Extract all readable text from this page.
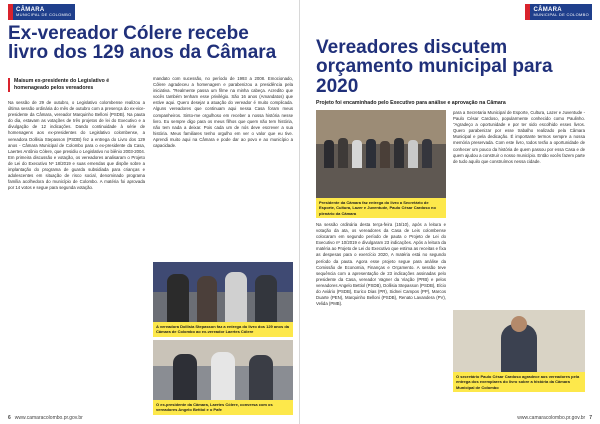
CÂMARA
MUNICIPAL DE COLOMBO
Ex-vereador Cólere recebe livro dos 129 anos da Câmara
Maisum ex-presidente do Legislativo é homenageado pelos vereadores
Na sessão de 29 de outubro, o Legislativo colombense realizou a última sessão ordinária do mês de outubro com a presença do ex-vice-presidente da Câmara, vereador Marquinho Belloni (PSDB). Na pauta do dia, estavam as votações de três projetos de lei do Executivo e a divulgação de 12 indicações. Dando continuidade à série de homenagens aos ex-presidentes do Legislativo colombense, a vereadora Dollisia Stepasson (PSDB) fez a entrega do Livro dos 129 anos - Câmara Municipal de Colombo para o ex-presidente da Casa, Laertes Antônio Cólere, que presidiu o Legislativo no biênio 2003-2004. Em primeira discussão e votação, os vereadores analisaram o Projeto de Lei do Executivo Nº 18/2019 e suas emendas que dispõe sobre a implantação do programa de guarda subsidiada para crianças e adolescentes em situação de risco social, denominado programa família acolhedora do município de Colombo. A matéria foi aprovada por 14 votos e segue para segunda votação.
mandato com sucessão, no período de 1993 a 2008. Emocionado, Cólere agradeceu a homenagem e parabenizou a presidência pela iniciativa. "Realmente passa um filme na minha cabeça. Acredito que vocês também tenham esse privilégio. São 16 anos (Amandatos) que estive aqui. Quero desejar a atuação do vereador é muito complicada. Alguns vereadores que continuam aqui nessa Casa foram meus companheiros. Sinto-me orgulhoso em receber a nossa história nesse livro. Eu sempre digo para os meus filhos que quem não tem história, não tem nada a deixar. Pois cada um de nós deve escrever a sua história. Meus familiares tenho orgulho em ver o valor que eu tive. Aprendi muito aqui na Câmara e pode dar ao povo e ao município a capacidade.
A vereadora Dollisia Stepasson faz a entrega do livro dos 129 anos da Câmara de Colombo ao ex-vereador Laertes Cólere
O ex-presidente da Câmara, Laertes Cólere, conversa com os vereadores Angelo Bettiol e o Pafe
6 www.camaracolombo.pr.gov.br
CÂMARA
MUNICIPAL DE COLOMBO
Vereadores discutem orçamento municipal para 2020
Projeto foi encaminhado pelo Executivo para análise e aprovação na Câmara
Presidente da Câmara faz entrega do livro a Secretário de Esporte, Cultura, Lazer e Juventude, Paulo César Cardoso no plenário da Câmara
Na sessão ordinária desta terça-feira (15/10), após a leitura e votação da ata, os vereadores da Casa de Leis colombense colocaram em segundo período de pauta o Projeto de Lei do Executivo nº 10/2019 e divulgaram 23 indicações. Após a leitura da matéria ao Projeto de Lei do Executivo que estima as receitas e fixa as despesas para o exercício 2020, A matéria está no segundo período da pauta. Agora esse projeto segue para análise da Comissão de Economia, Finanças e Orçamento. A sessão teve sequência com a apresentação de 23 indicações assinadas pelo presidente da Casa, vereador Vagner da Viação (PRB) e pelos vereadores Angelo Bettiol (PSDB), Dollisia Stepasson (PSDB), Elcio do Aviário (PSDB), Eurico Dias (PR), Sidnei Campos (PP), Marcos Duarte (PEN), Marquinho Belloni (PSDB), Renato Lavandera (PV), Velida (PMB).
para a Secretaria Municipal de Esporte, Cultura, Lazer e Juventude - Paulo César Cardoso, popularmente conhecido como Paulinho. "Agradeço a oportunidade e por ter sido escolhido esses livros. Quero parabenizar por esse trabalho realizado pela Câmara Municipal e pela dedicação. É importante termos sempre a nossa memória preservada. Com este livro, todos terão a oportunidade de conhecer um pouco da história de quem passou por essa Casa e de quem ajudou a construir o nosso município. Então vocês fazem parte de tudo aquilo que construímos nessa cidade.
O secretário Paulo César Cardoso agradece aos vereadores pela entrega dos exemplares do livro sobre a história da Câmara Municipal de Colombo
www.camaracolombo.pr.gov.br 7
